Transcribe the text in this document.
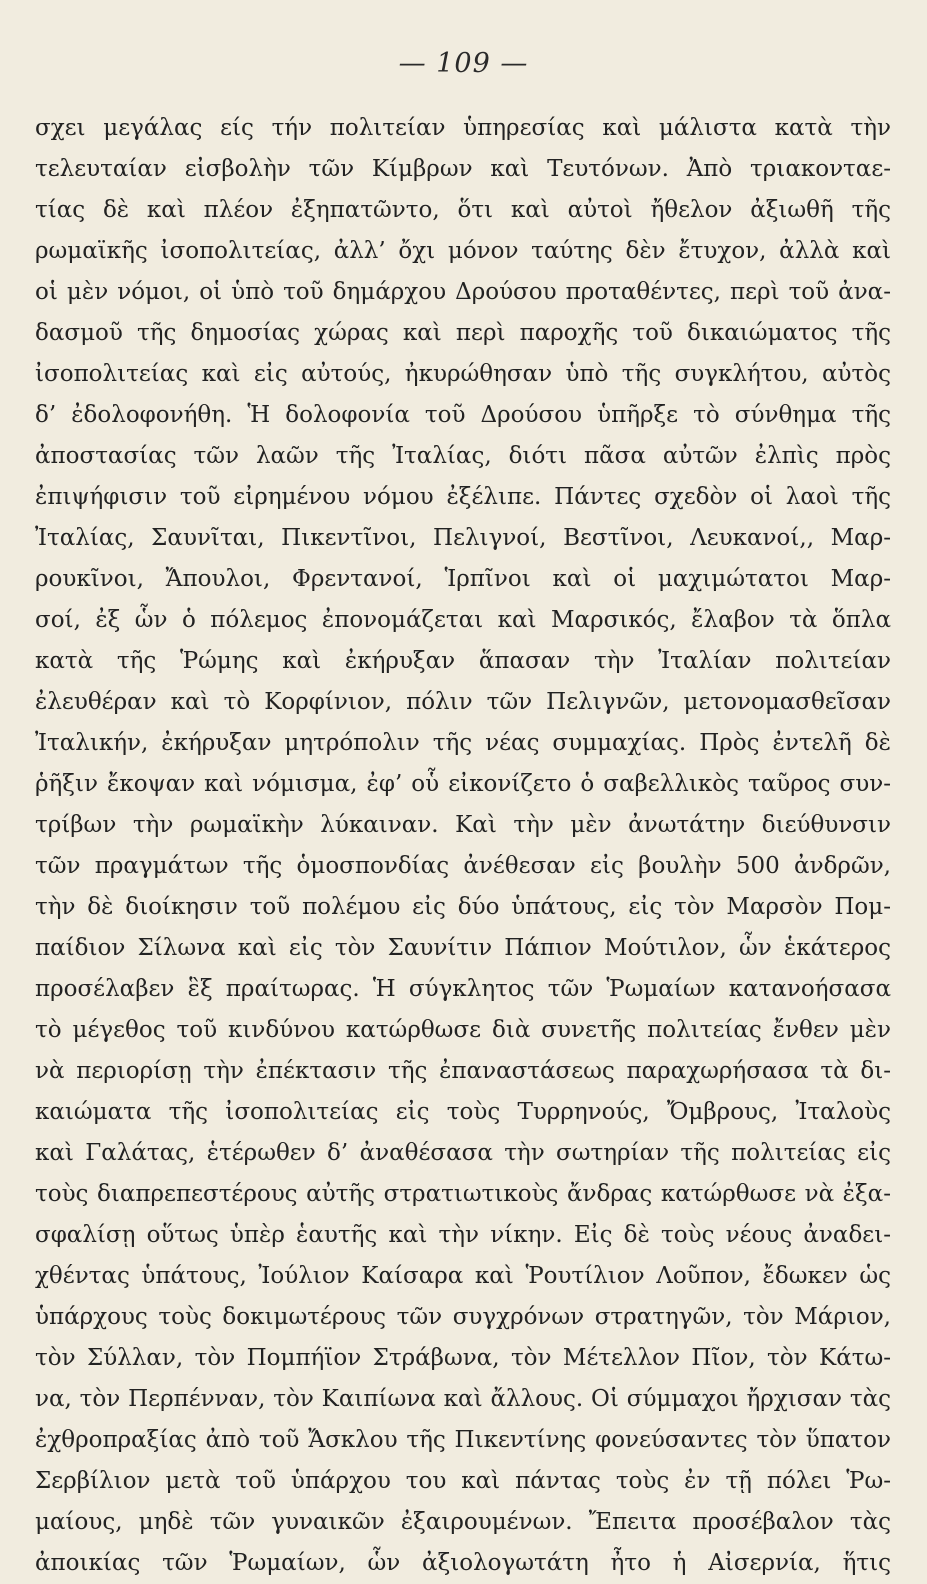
— 109 —
σχει μεγάλας είς τήν πολιτείαν ὑπηρεσίας καὶ μάλιστα κατὰ τὴν
τελευταίαν εἰσβολὴν τῶν Κίμβρων καὶ Τευτόνων. Ἀπὸ τριακονταε-
τίας δὲ καὶ πλέον ἐξηπατῶντο, ὅτι καὶ αὐτοὶ ἤθελον ἀξιωθῆ τῆς
ρωμαϊκῆς ἰσοπολιτείας, ἀλλ’ ὄχι μόνον ταύτης δὲν ἔτυχον, ἀλλὰ καὶ
οἱ μὲν νόμοι, οἱ ὑπὸ τοῦ δημάρχου Δρούσου προταθέντες, περὶ τοῦ ἀνα-
δασμοῦ τῆς δημοσίας χώρας καὶ περὶ παροχῆς τοῦ δικαιώματος τῆς
ἰσοπολιτείας καὶ εἰς αὐτούς, ἠκυρώθησαν ὑπὸ τῆς συγκλήτου, αὐτὸς
δ’ ἐδολοφονήθη. Ἡ δολοφονία τοῦ Δρούσου ὑπῆρξε τὸ σύνθημα τῆς
ἀποστασίας τῶν λαῶν τῆς Ἰταλίας, διότι πᾶσα αὐτῶν ἐλπὶς πρὸς
ἐπιψήφισιν τοῦ εἰρημένου νόμου ἐξέλιπε. Πάντες σχεδὸν οἱ λαοὶ τῆς
Ἰταλίας, Σαυνῖται, Πικεντῖνοι, Πελιγνοί, Βεστῖνοι, Λευκανοί,, Μαρ-
ρουκῖνοι, Ἄπουλοι, Φρεντανοί, Ἱρπῖνοι καὶ οἱ μαχιμώτατοι Μαρ-
σοί, ἐξ ὧν ὁ πόλεμος ἐπονομάζεται καὶ Μαρσικός, ἔλαβον τὰ ὅπλα
κατὰ τῆς Ῥώμης καὶ ἐκήρυξαν ἅπασαν τὴν Ἰταλίαν πολιτείαν
ἐλευθέραν καὶ τὸ Κορφίνιον, πόλιν τῶν Πελιγνῶν, μετονομασθεῖσαν
Ἰταλικήν, ἐκήρυξαν μητρόπολιν τῆς νέας συμμαχίας. Πρὸς ἐντελῆ δὲ
ῥῆξιν ἔκοψαν καὶ νόμισμα, ἐφ’ οὗ εἰκονίζετο ὁ σαβελλικὸς ταῦρος συν-
τρίβων τὴν ρωμαϊκὴν λύκαιναν. Καὶ τὴν μὲν ἀνωτάτην διεύθυνσιν
τῶν πραγμάτων τῆς ὁμοσπονδίας ἀνέθεσαν εἰς βουλὴν 500 ἀνδρῶν,
τὴν δὲ διοίκησιν τοῦ πολέμου εἰς δύο ὑπάτους, εἰς τὸν Μαρσὸν Πομ-
παίδιον Σίλωνα καὶ εἰς τὸν Σαυνίτιν Πάπιον Μούτιλον, ὧν ἑκάτερος
προσέλαβεν ἓξ πραίτωρας. Ἡ σύγκλητος τῶν Ῥωμαίων κατανοήσασα
τὸ μέγεθος τοῦ κινδύνου κατώρθωσε διὰ συνετῆς πολιτείας ἔνθεν μὲν
νὰ περιορίσῃ τὴν ἐπέκτασιν τῆς ἐπαναστάσεως παραχωρήσασα τὰ δι-
καιώματα τῆς ἰσοπολιτείας εἰς τοὺς Τυρρηνούς, Ὄμβρους, Ἰταλοὺς
καὶ Γαλάτας, ἑτέρωθεν δ’ ἀναθέσασα τὴν σωτηρίαν τῆς πολιτείας εἰς
τοὺς διαπρεπεστέρους αὐτῆς στρατιωτικοὺς ἄνδρας κατώρθωσε νὰ ἐξα-
σφαλίσῃ οὕτως ὑπὲρ ἑαυτῆς καὶ τὴν νίκην. Εἰς δὲ τοὺς νέους ἀναδει-
χθέντας ὑπάτους, Ἰούλιον Καίσαρα καὶ Ῥουτίλιον Λοῦπον, ἔδωκεν ὡς
ὑπάρχους τοὺς δοκιμωτέρους τῶν συγχρόνων στρατηγῶν, τὸν Μάριον,
τὸν Σύλλαν, τὸν Πομπήϊον Στράβωνα, τὸν Μέτελλον Πῖον, τὸν Κάτω-
να, τὸν Περπένναν, τὸν Καιπίωνα καὶ ἄλλους. Οἱ σύμμαχοι ἤρχισαν τὰς
ἐχθροπραξίας ἀπὸ τοῦ Ἄσκλου τῆς Πικεντίνης φονεύσαντες τὸν ὕπατον
Σερβίλιον μετὰ τοῦ ὑπάρχου του καὶ πάντας τοὺς ἐν τῇ πόλει Ῥω-
μαίους, μηδὲ τῶν γυναικῶν ἐξαιρουμένων. Ἔπειτα προσέβαλον τὰς
ἀποικίας τῶν Ῥωμαίων, ὧν ἀξιολογωτάτη ἦτο ἡ Αἰσερνία, ἥτις
